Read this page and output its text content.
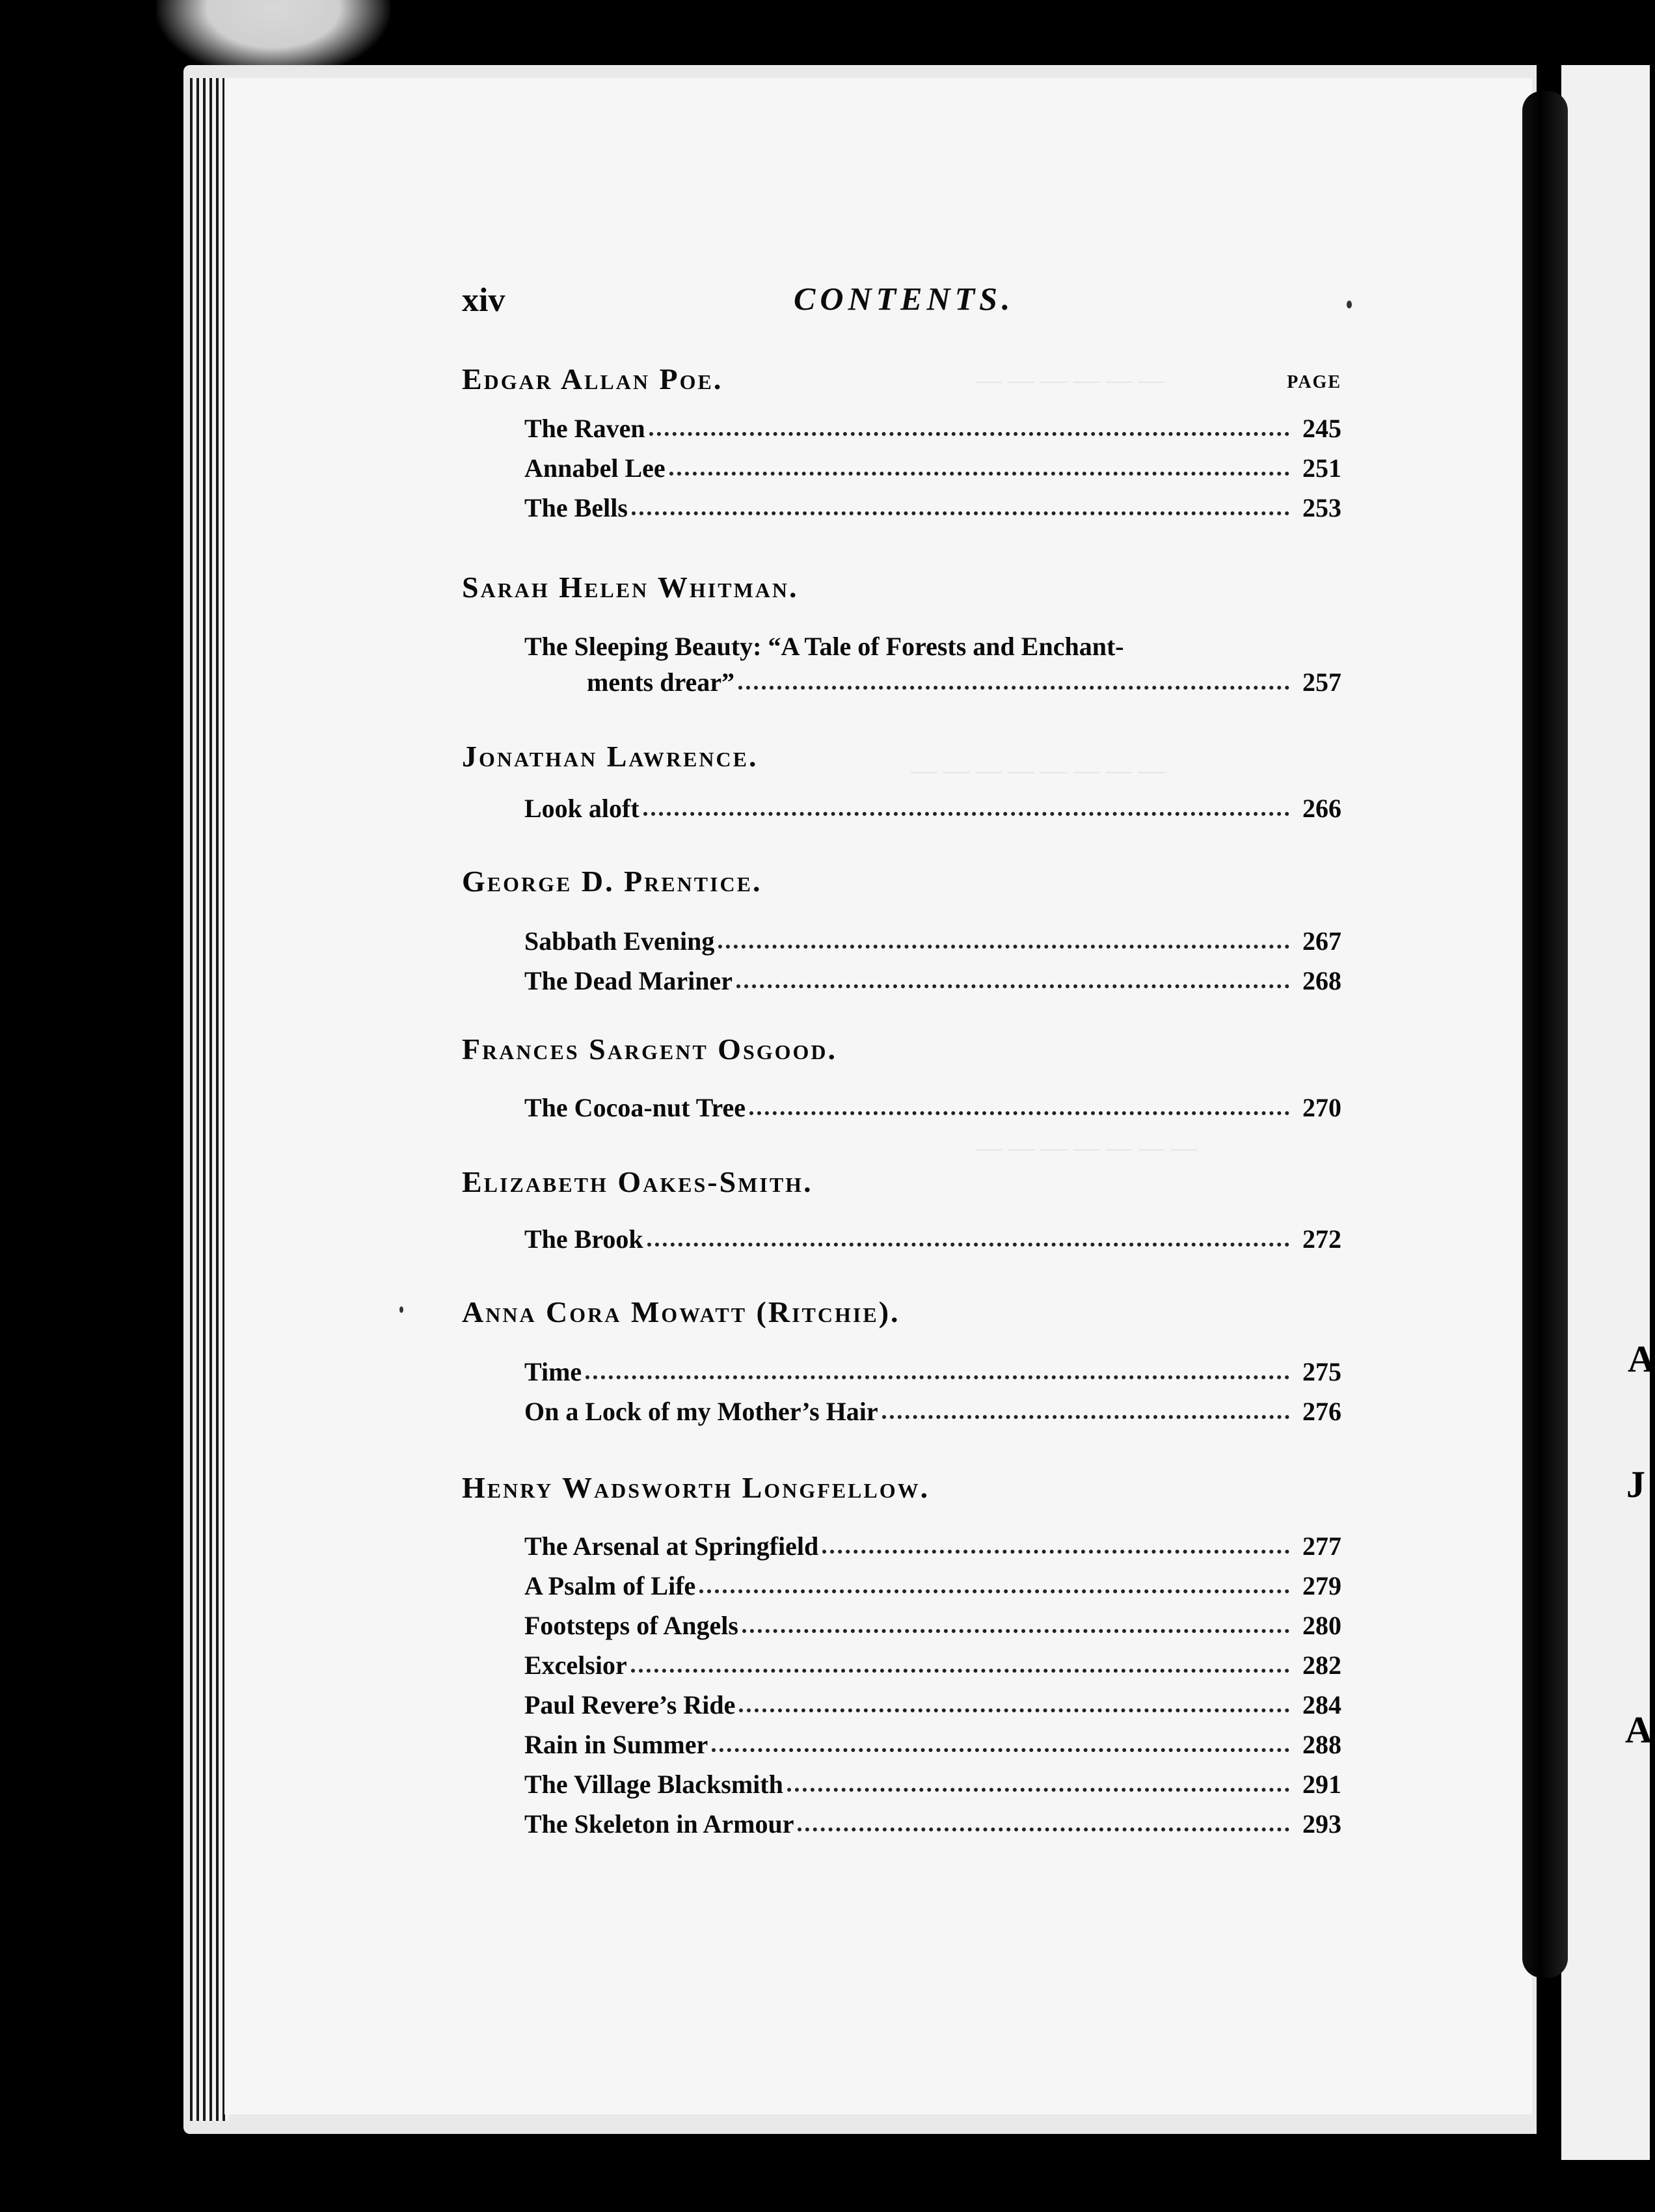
A
J
A
— — — — — —
— — — — — — — —
— — — — — — —
xiv	CONTENTS.
PAGE
Edgar Allan Poe.
The Raven	245
Annabel Lee	251
The Bells	253
Sarah Helen Whitman.
The Sleeping Beauty: “A Tale of Forests and Enchant-
ments drear”	257
Jonathan Lawrence.
Look aloft	266
George D. Prentice.
Sabbath Evening	267
The Dead Mariner	268
Frances Sargent Osgood.
The Cocoa-nut Tree	270
Elizabeth Oakes-Smith.
The Brook	272
Anna Cora Mowatt (Ritchie).
Time	275
On a Lock of my Mother’s Hair	276
Henry Wadsworth Longfellow.
The Arsenal at Springfield	277
A Psalm of Life	279
Footsteps of Angels	280
Excelsior	282
Paul Revere’s Ride	284
Rain in Summer	288
The Village Blacksmith	291
The Skeleton in Armour	293
